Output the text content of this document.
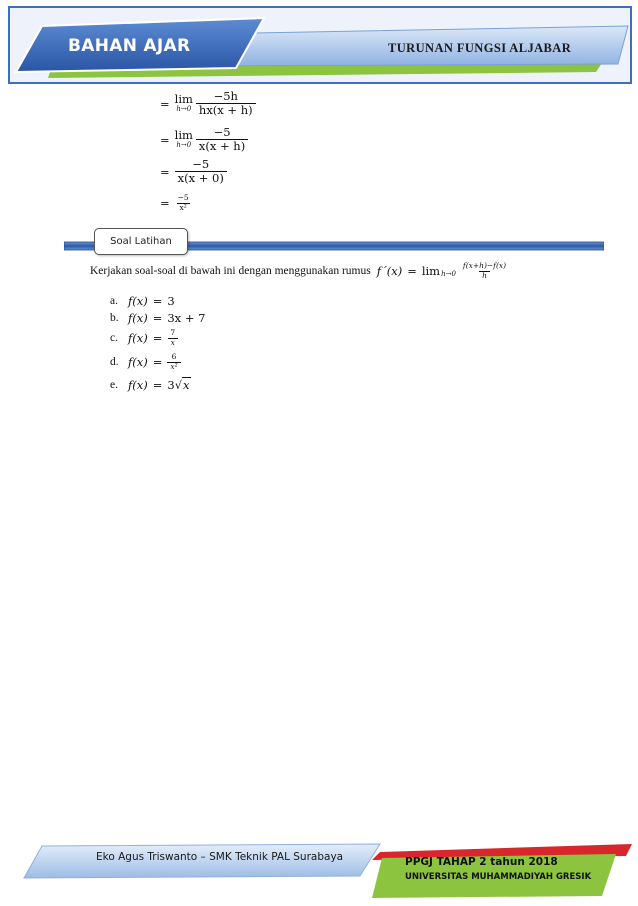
BAHAN AJAR	TURUNAN FUNGSI ALJABAR
= lim
$h\to 0 \frac{-5h}{hx(x + h)}$
= lim
$h\to 0 \frac{-5}{x(x + h)}$
= $\frac{-5}{x(x + 0)}$
= $\frac{-5}{\text{x²}}$
Soal Latihan
Kerjakan soal-soal di bawah ini dengan menggunakan rumus f´(x) = $\lim h\to 0 \frac{f(x+h)-f(x)}{h}$
a. f(x) = 3
b. f(x) = 3x + 7
c. $f(x) = \frac{7}{x}$
d. $f(x) = \frac{6}{\text{x²}}$
e. f(x) = 3 √ x
Eko Agus Triswanto – SMK Teknik PAL Surabaya	PPGJ TAHAP 2 tahun 2018
UNIVERSITAS MUHAMMADIYAH GRESIK
